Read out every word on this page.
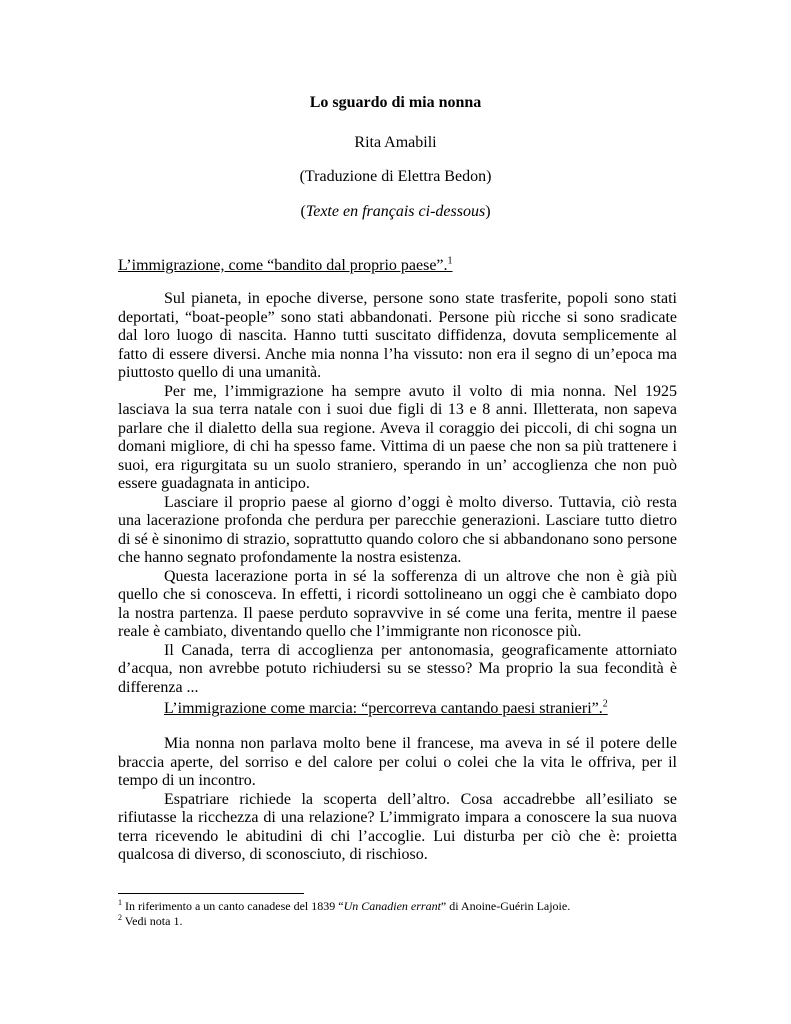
Lo sguardo di mia nonna

Rita Amabili

(Traduzione di Elettra Bedon)

(Texte en français ci-dessous)

L’immigrazione, come “bandito dal proprio paese”.$^1$

Sul pianeta, in epoche diverse, persone sono state trasferite, popoli sono stati deportati, “boat-people” sono stati abbandonati. Persone più ricche si sono sradicate dal loro luogo di nascita. Hanno tutti suscitato diffidenza, dovuta semplicemente al fatto di essere diversi. Anche mia nonna l’ha vissuto: non era il segno di un’epoca ma piuttosto quello di una umanità.

Per me, l’immigrazione ha sempre avuto il volto di mia nonna. Nel 1925 lasciava la sua terra natale con i suoi due figli di 13 e 8 anni. Illetterata, non sapeva parlare che il dialetto della sua regione. Aveva il coraggio dei piccoli, di chi sogna un domani migliore, di chi ha spesso fame. Vittima di un paese che non sa più trattenere i suoi, era rigurgitata su un suolo straniero, sperando in un’ accoglienza che non può essere guadagnata in anticipo.

Lasciare il proprio paese al giorno d’oggi è molto diverso. Tuttavia, ciò resta una lacerazione profonda che perdura per parecchie generazioni. Lasciare tutto dietro di sé è sinonimo di strazio, soprattutto quando coloro che si abbandonano sono persone che hanno segnato profondamente la nostra esistenza.

Questa lacerazione porta in sé la sofferenza di un altrove che non è già più quello che si conosceva. In effetti, i ricordi sottolineano un oggi che è cambiato dopo la nostra partenza. Il paese perduto sopravvive in sé come una ferita, mentre il paese reale è cambiato, diventando quello che l’immigrante non riconosce più.

Il Canada, terra di accoglienza per antonomasia, geograficamente attorniato d’acqua, non avrebbe potuto richiudersi su se stesso? Ma proprio la sua fecondità è differenza ...

L’immigrazione come marcia: “percorreva cantando paesi stranieri”.$^2$

Mia nonna non parlava molto bene il francese, ma aveva in sé il potere delle braccia aperte, del sorriso e del calore per colui o colei che la vita le offriva, per il tempo di un incontro.

Espatriare richiede la scoperta dell’altro. Cosa accadrebbe all’esiliato se rifiutasse la ricchezza di una relazione? L’immigrato impara a conoscere la sua nuova terra ricevendo le abitudini di chi l’accoglie. Lui disturba per ciò che è: proietta qualcosa di diverso, di sconosciuto, di rischioso.

$^1$ In riferimento a un canto canadese del 1839 “Un Canadien errant” di Anoine-Guérin Lajoie.
$^2$ Vedi nota 1.
